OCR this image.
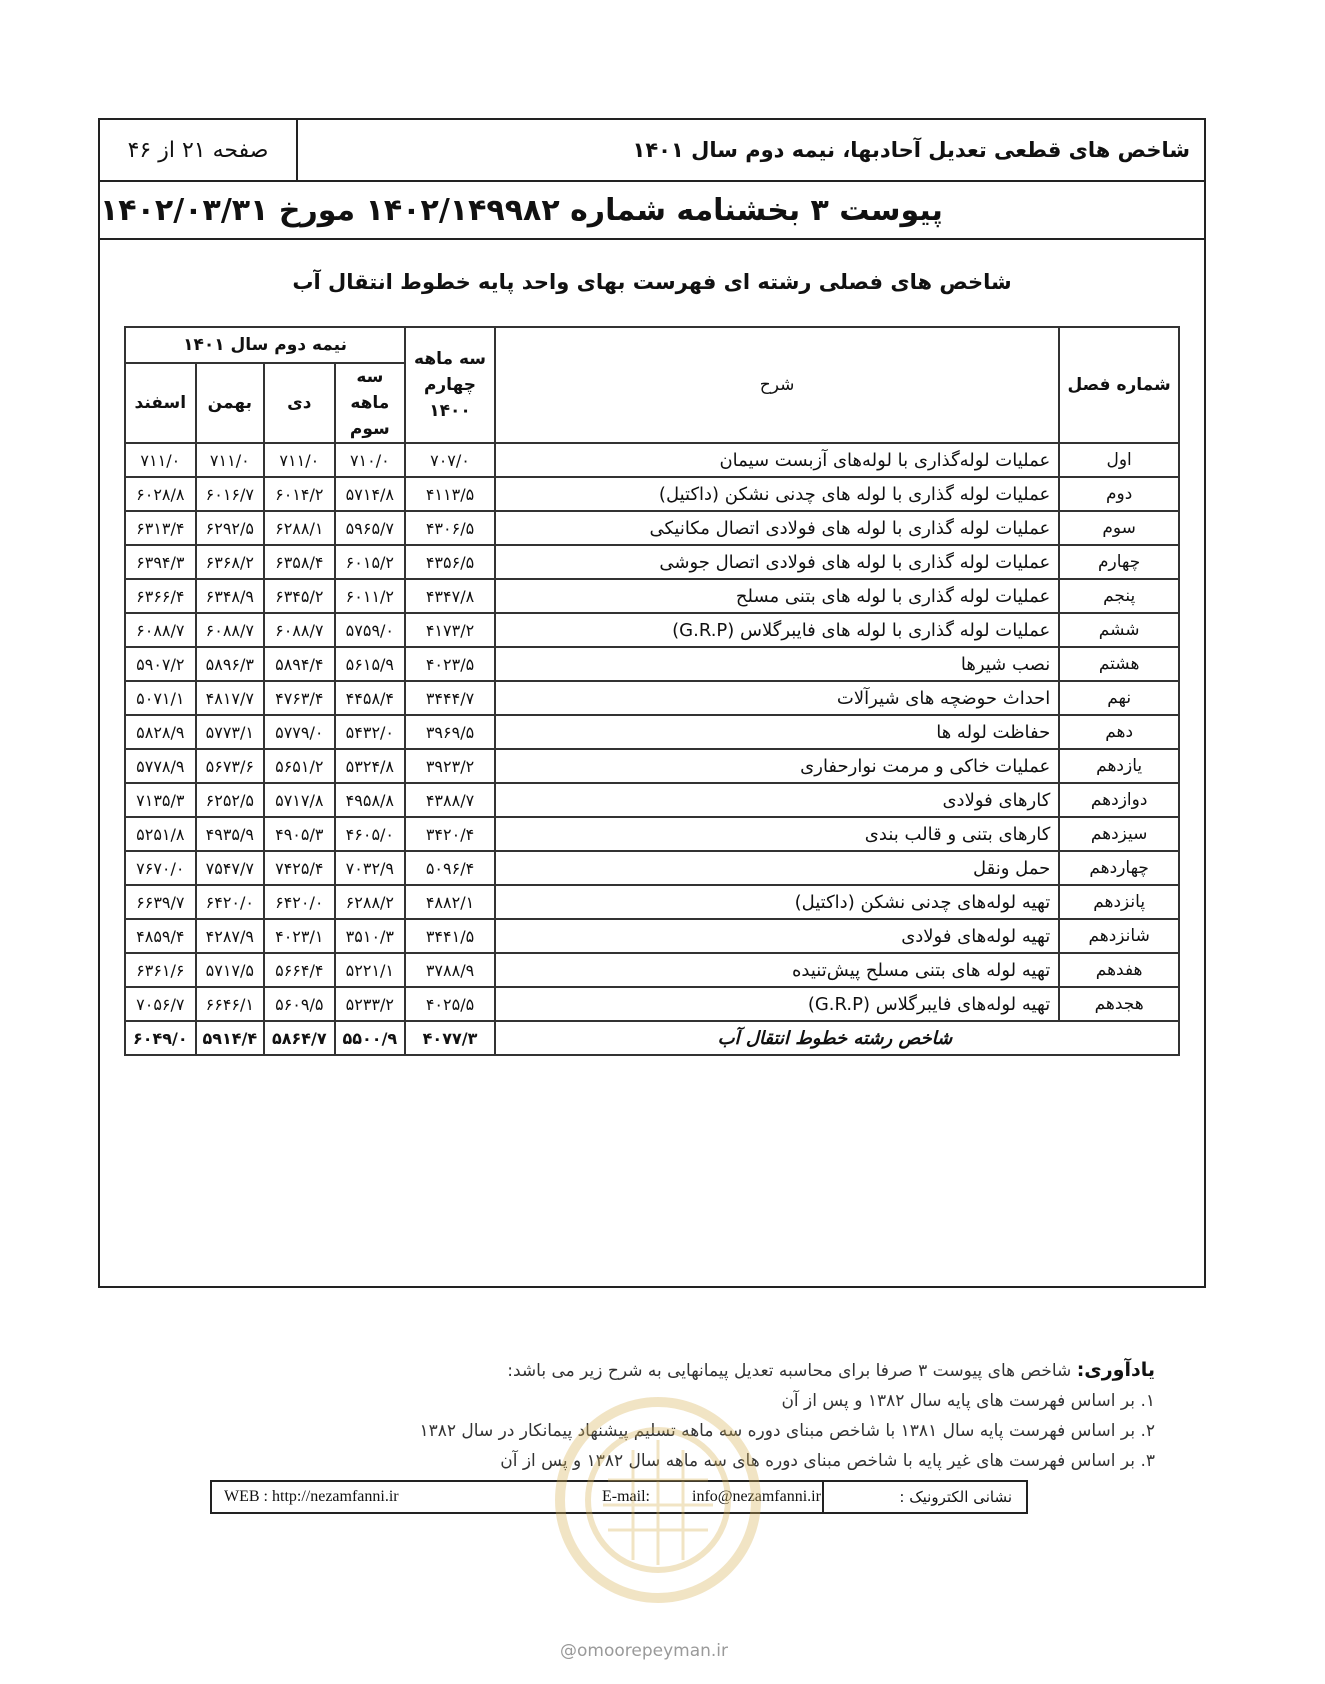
صفحه ۲۱ از ۴۶	شاخص های قطعی تعدیل آحادبها، نیمه دوم سال ۱۴۰۱
پیوست ۳ بخشنامه شماره ۱۴۰۲/۱۴۹۹۸۲ مورخ ۱۴۰۲/۰۳/۳۱
شاخص های فصلی رشته ای فهرست بهای واحد پایه خطوط انتقال آب
شماره فصل	شرح	سه ماهه چهارم ۱۴۰۰	نیمه دوم سال ۱۴۰۱			
			سه ماهه سوم	دی	بهمن	اسفند
اول	عملیات لوله‌گذاری با لوله‌های آزبست سیمان	۷۰۷/۰	۷۱۰/۰	۷۱۱/۰	۷۱۱/۰	۷۱۱/۰
دوم	عملیات لوله گذاری با لوله های چدنی نشکن (داکتیل)	۴۱۱۳/۵	۵۷۱۴/۸	۶۰۱۴/۲	۶۰۱۶/۷	۶۰۲۸/۸
سوم	عملیات لوله گذاری با لوله های فولادی اتصال مکانیکی	۴۳۰۶/۵	۵۹۶۵/۷	۶۲۸۸/۱	۶۲۹۲/۵	۶۳۱۳/۴
چهارم	عملیات لوله گذاری با لوله های فولادی اتصال جوشی	۴۳۵۶/۵	۶۰۱۵/۲	۶۳۵۸/۴	۶۳۶۸/۲	۶۳۹۴/۳
پنجم	عملیات لوله گذاری با لوله های بتنی مسلح	۴۳۴۷/۸	۶۰۱۱/۲	۶۳۴۵/۲	۶۳۴۸/۹	۶۳۶۶/۴
ششم	عملیات لوله گذاری با لوله های فایبرگلاس (G.R.P)	۴۱۷۳/۲	۵۷۵۹/۰	۶۰۸۸/۷	۶۰۸۸/۷	۶۰۸۸/۷
هشتم	نصب شیرها	۴۰۲۳/۵	۵۶۱۵/۹	۵۸۹۴/۴	۵۸۹۶/۳	۵۹۰۷/۲
نهم	احداث حوضچه های شیرآلات	۳۴۴۴/۷	۴۴۵۸/۴	۴۷۶۳/۴	۴۸۱۷/۷	۵۰۷۱/۱
دهم	حفاظت لوله ها	۳۹۶۹/۵	۵۴۳۲/۰	۵۷۷۹/۰	۵۷۷۳/۱	۵۸۲۸/۹
یازدهم	عملیات خاکی و مرمت نوارحفاری	۳۹۲۳/۲	۵۳۲۴/۸	۵۶۵۱/۲	۵۶۷۳/۶	۵۷۷۸/۹
دوازدهم	کارهای فولادی	۴۳۸۸/۷	۴۹۵۸/۸	۵۷۱۷/۸	۶۲۵۲/۵	۷۱۳۵/۳
سیزدهم	کارهای بتنی و قالب بندی	۳۴۲۰/۴	۴۶۰۵/۰	۴۹۰۵/۳	۴۹۳۵/۹	۵۲۵۱/۸
چهاردهم	حمل ونقل	۵۰۹۶/۴	۷۰۳۲/۹	۷۴۲۵/۴	۷۵۴۷/۷	۷۶۷۰/۰
پانزدهم	تهیه لوله‌های چدنی نشکن (داکتیل)	۴۸۸۲/۱	۶۲۸۸/۲	۶۴۲۰/۰	۶۴۲۰/۰	۶۶۳۹/۷
شانزدهم	تهیه لوله‌های فولادی	۳۴۴۱/۵	۳۵۱۰/۳	۴۰۲۳/۱	۴۲۸۷/۹	۴۸۵۹/۴
هفدهم	تهیه لوله های بتنی مسلح پیش‌تنیده	۳۷۸۸/۹	۵۲۲۱/۱	۵۶۶۴/۴	۵۷۱۷/۵	۶۳۶۱/۶
هجدهم	تهیه لوله‌های فایبرگلاس (G.R.P)	۴۰۲۵/۵	۵۲۳۳/۲	۵۶۰۹/۵	۶۶۴۶/۱	۷۰۵۶/۷
شاخص رشته خطوط انتقال آب		۴۰۷۷/۳	۵۵۰۰/۹	۵۸۶۴/۷	۵۹۱۴/۴	۶۰۴۹/۰
یادآوری: شاخص های پیوست ۳ صرفا برای محاسبه تعدیل پیمانهایی به شرح زیر می باشد:
۱. بر اساس فهرست های پایه سال ۱۳۸۲ و پس از آن
۲. بر اساس فهرست پایه سال ۱۳۸۱ با شاخص مبنای دوره سه ماهه تسلیم پیشنهاد پیمانکار در سال ۱۳۸۲
۳. بر اساس فهرست های غیر پایه با شاخص مبنای دوره های سه ماهه سال ۱۳۸۲ و پس از آن
WEB : http://nezamfanni.ir	E-mail:	info@nezamfanni.ir	نشانی الکترونیک :
@omoorepeyman.ir
